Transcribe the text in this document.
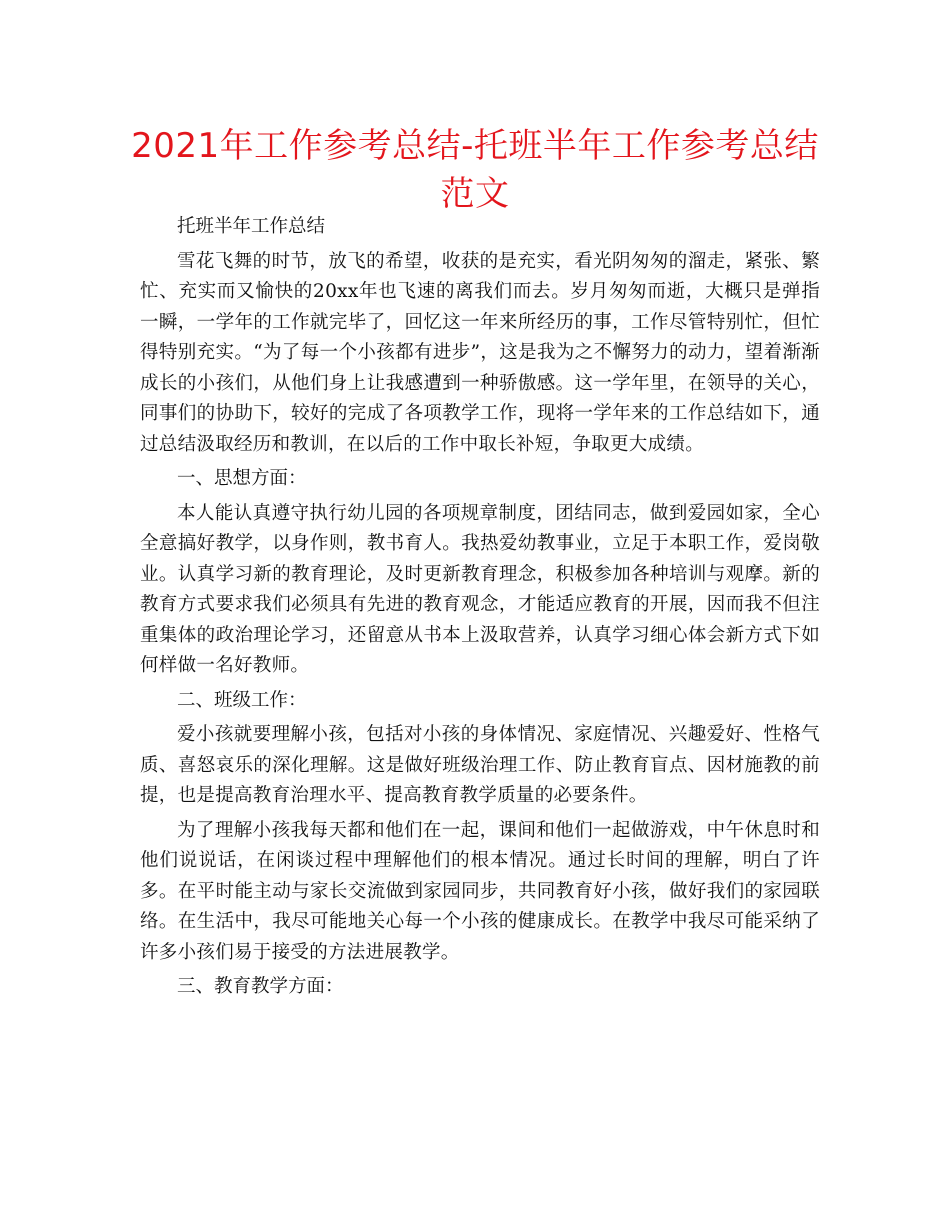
2021年工作参考总结-托班半年工作参考总结范文

托班半年工作总结

雪花飞舞的时节，放飞的希望，收获的是充实，看光阴匆匆的溜走，紧张、繁忙、充实而又愉快的20xx年也飞速的离我们而去。岁月匆匆而逝，大概只是弹指一瞬，一学年的工作就完毕了，回忆这一年来所经历的事，工作尽管特别忙，但忙得特别充实。“为了每一个小孩都有进步”，这是我为之不懈努力的动力，望着渐渐成长的小孩们，从他们身上让我感遭到一种骄傲感。这一学年里，在领导的关心，同事们的协助下，较好的完成了各项教学工作，现将一学年来的工作总结如下，通过总结汲取经历和教训，在以后的工作中取长补短，争取更大成绩。

一、思想方面：

本人能认真遵守执行幼儿园的各项规章制度，团结同志，做到爱园如家，全心全意搞好教学，以身作则，教书育人。我热爱幼教事业，立足于本职工作，爱岗敬业。认真学习新的教育理论，及时更新教育理念，积极参加各种培训与观摩。新的教育方式要求我们必须具有先进的教育观念，才能适应教育的开展，因而我不但注重集体的政治理论学习，还留意从书本上汲取营养，认真学习细心体会新方式下如何样做一名好教师。

二、班级工作：

爱小孩就要理解小孩，包括对小孩的身体情况、家庭情况、兴趣爱好、性格气质、喜怒哀乐的深化理解。这是做好班级治理工作、防止教育盲点、因材施教的前提，也是提高教育治理水平、提高教育教学质量的必要条件。

为了理解小孩我每天都和他们在一起，课间和他们一起做游戏，中午休息时和他们说说话，在闲谈过程中理解他们的根本情况。通过长时间的理解，明白了许多。在平时能主动与家长交流做到家园同步，共同教育好小孩，做好我们的家园联络。在生活中，我尽可能地关心每一个小孩的健康成长。在教学中我尽可能采纳了许多小孩们易于接受的方法进展教学。

三、教育教学方面：
